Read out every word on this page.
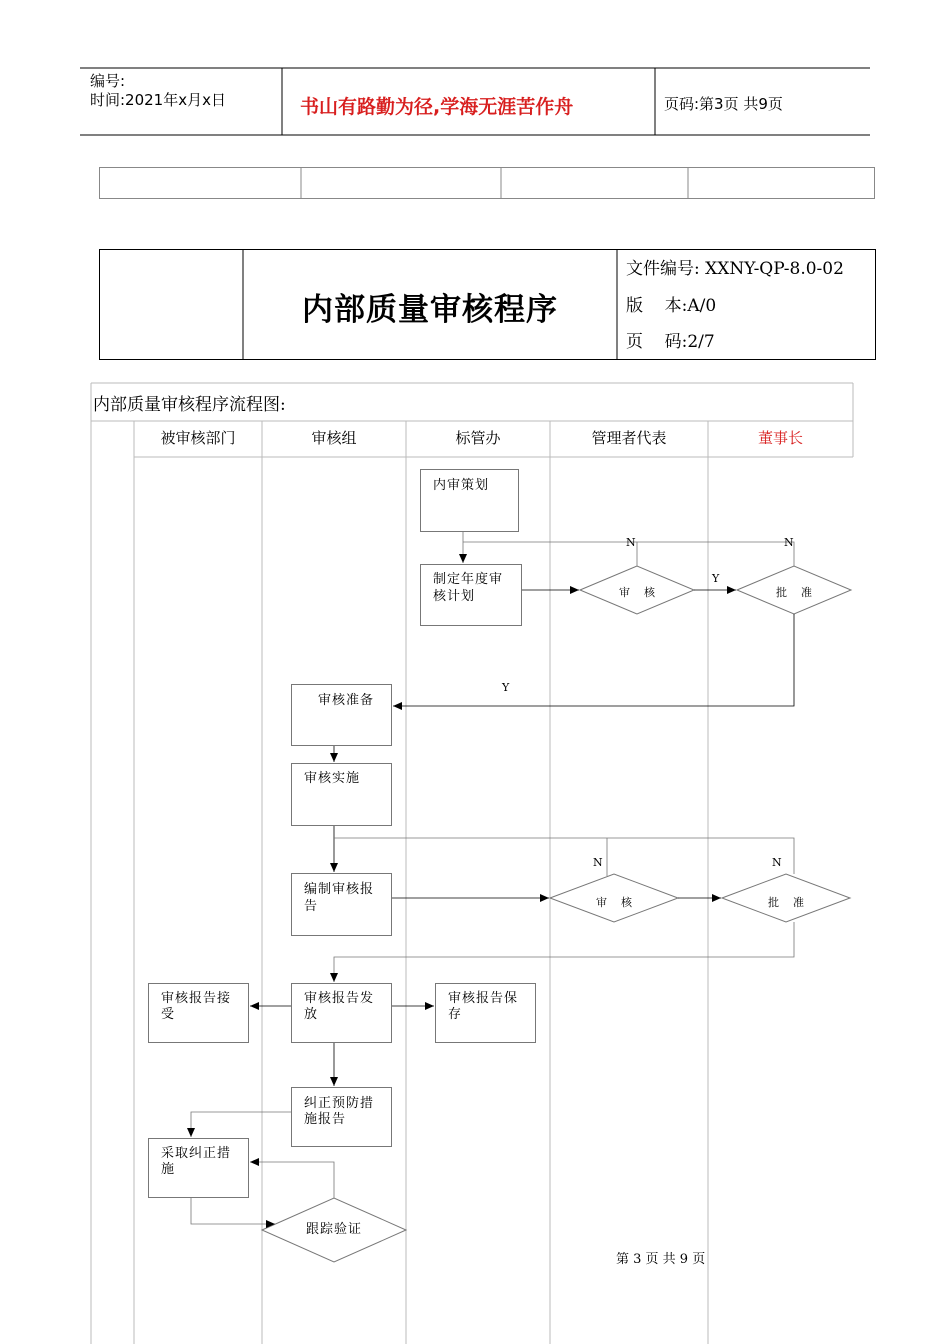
编号:
时间:2021年x月x日	书山有路勤为径,学海无涯苦作舟	页码:第3页 共9页
内部质量审核程序
文件编号: XXNY-QP-8.0-02
版    本:A/0
页    码:2/7
内部质量审核程序流程图:
被审核部门	审核组	标管办	管理者代表	董事长
内审策划
制定年度审
核计划
审核准备
审核实施
编制审核报
告
审核报告发
放
审核报告保
存
审核报告接
受
纠正预防措
施报告
采取纠正措
施
审    核	批    准
审    核	批    准
跟踪验证
N	N
Y
Y
N	N
第 3 页 共 9 页
